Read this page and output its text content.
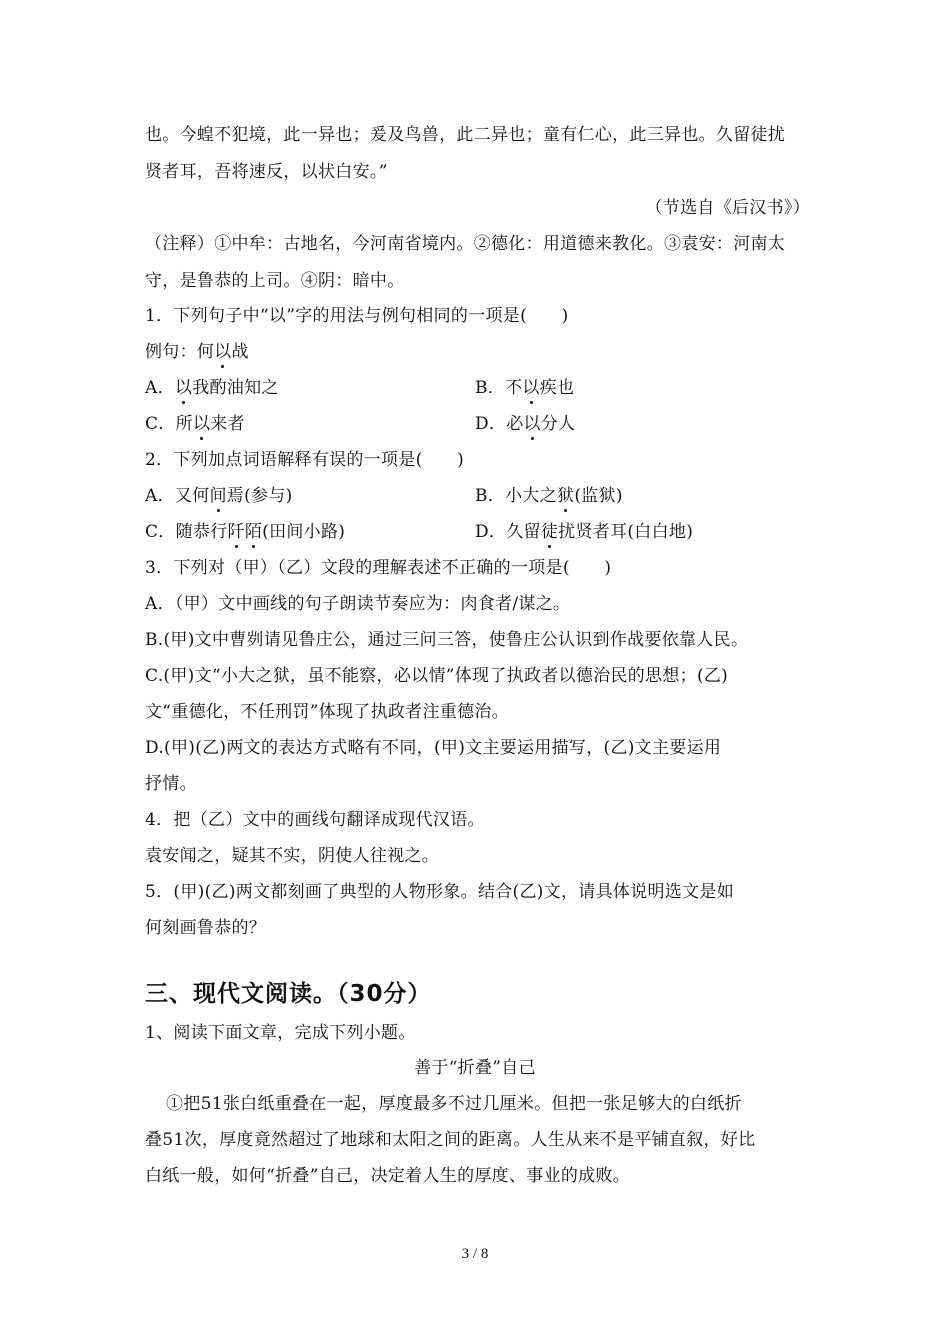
也。今蝗不犯境，此一异也；爰及鸟兽，此二异也；童有仁心，此三异也。久留徒扰
贤者耳，吾将速反，以状白安。”
（节选自《后汉书》）
（注释）①中牟：古地名，今河南省境内。②德化：用道德来教化。③袁安：河南太
守，是鲁恭的上司。④阴：暗中。
1．下列句子中“以”字的用法与例句相同的一项是(　　)
例句：何以战
A．以我酌油知之	B．不以疾也
C．所以来者	D．必以分人
2．下列加点词语解释有误的一项是(　　)
A．又何间焉(参与)	B．小大之狱(监狱)
C．随恭行阡陌(田间小路)	D．久留徒扰贤者耳(白白地)
3．下列对（甲）（乙）文段的理解表述不正确的一项是(　　)
A．（甲）文中画线的句子朗读节奏应为：肉食者/谋之。
B.(甲)文中曹刿请见鲁庄公，通过三问三答，使鲁庄公认识到作战要依靠人民。
C.(甲)文“小大之狱，虽不能察，必以情”体现了执政者以德治民的思想；(乙)
文“重德化，不任刑罚”体现了执政者注重德治。
D.(甲)(乙)两文的表达方式略有不同，(甲)文主要运用描写，(乙)文主要运用
抒情。
4．把（乙）文中的画线句翻译成现代汉语。
袁安闻之，疑其不实，阴使人往视之。
5．(甲)(乙)两文都刻画了典型的人物形象。结合(乙)文，请具体说明选文是如
何刻画鲁恭的？
三、现代文阅读。（30分）
1、阅读下面文章，完成下列小题。
善于“折叠”自己
①把51张白纸重叠在一起，厚度最多不过几厘米。但把一张足够大的白纸折
叠51次，厚度竟然超过了地球和太阳之间的距离。人生从来不是平铺直叙，好比
白纸一般，如何“折叠”自己，决定着人生的厚度、事业的成败。
3 / 8
